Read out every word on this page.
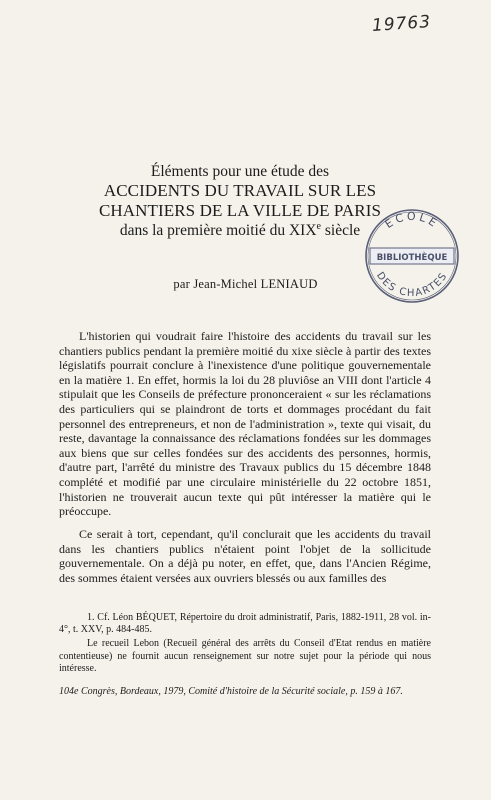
19763
Éléments pour une étude des
ACCIDENTS DU TRAVAIL SUR LES
CHANTIERS DE LA VILLE DE PARIS
dans la première moitié du XIXe siècle	ÉCOLE
BIBLIOTHÈQUE
DES CHARTES
par Jean-Michel LENIAUD

L'historien qui voudrait faire l'histoire des accidents du travail sur les chantiers publics pendant la première moitié du xixe siècle à partir des textes législatifs pourrait conclure à l'inexistence d'une politique gouvernementale en la matière 1. En effet, hormis la loi du 28 pluviôse an VIII dont l'article 4 stipulait que les Conseils de préfecture prononceraient « sur les réclamations des particuliers qui se plaindront de torts et dommages procédant du fait personnel des entrepreneurs, et non de l'administration », texte qui visait, du reste, davantage la connaissance des réclamations fondées sur les dommages aux biens que sur celles fondées sur des accidents des personnes, hormis, d'autre part, l'arrêté du ministre des Travaux publics du 15 décembre 1848 complété et modifié par une circulaire ministérielle du 22 octobre 1851, l'historien ne trouverait aucun texte qui pût intéresser la matière qui le préoccupe.

Ce serait à tort, cependant, qu'il conclurait que les accidents du travail dans les chantiers publics n'étaient point l'objet de la sollicitude gouvernementale. On a déjà pu noter, en effet, que, dans l'Ancien Régime, des sommes étaient versées aux ouvriers blessés ou aux familles des

1. Cf. Léon BÉQUET, Répertoire du droit administratif, Paris, 1882-1911, 28 vol. in-4°, t. XXV, p. 484-485.

Le recueil Lebon (Recueil général des arrêts du Conseil d'Etat rendus en matière contentieuse) ne fournit aucun renseignement sur notre sujet pour la période qui nous intéresse.

104e Congrès, Bordeaux, 1979, Comité d'histoire de la Sécurité sociale, p. 159 à 167.
